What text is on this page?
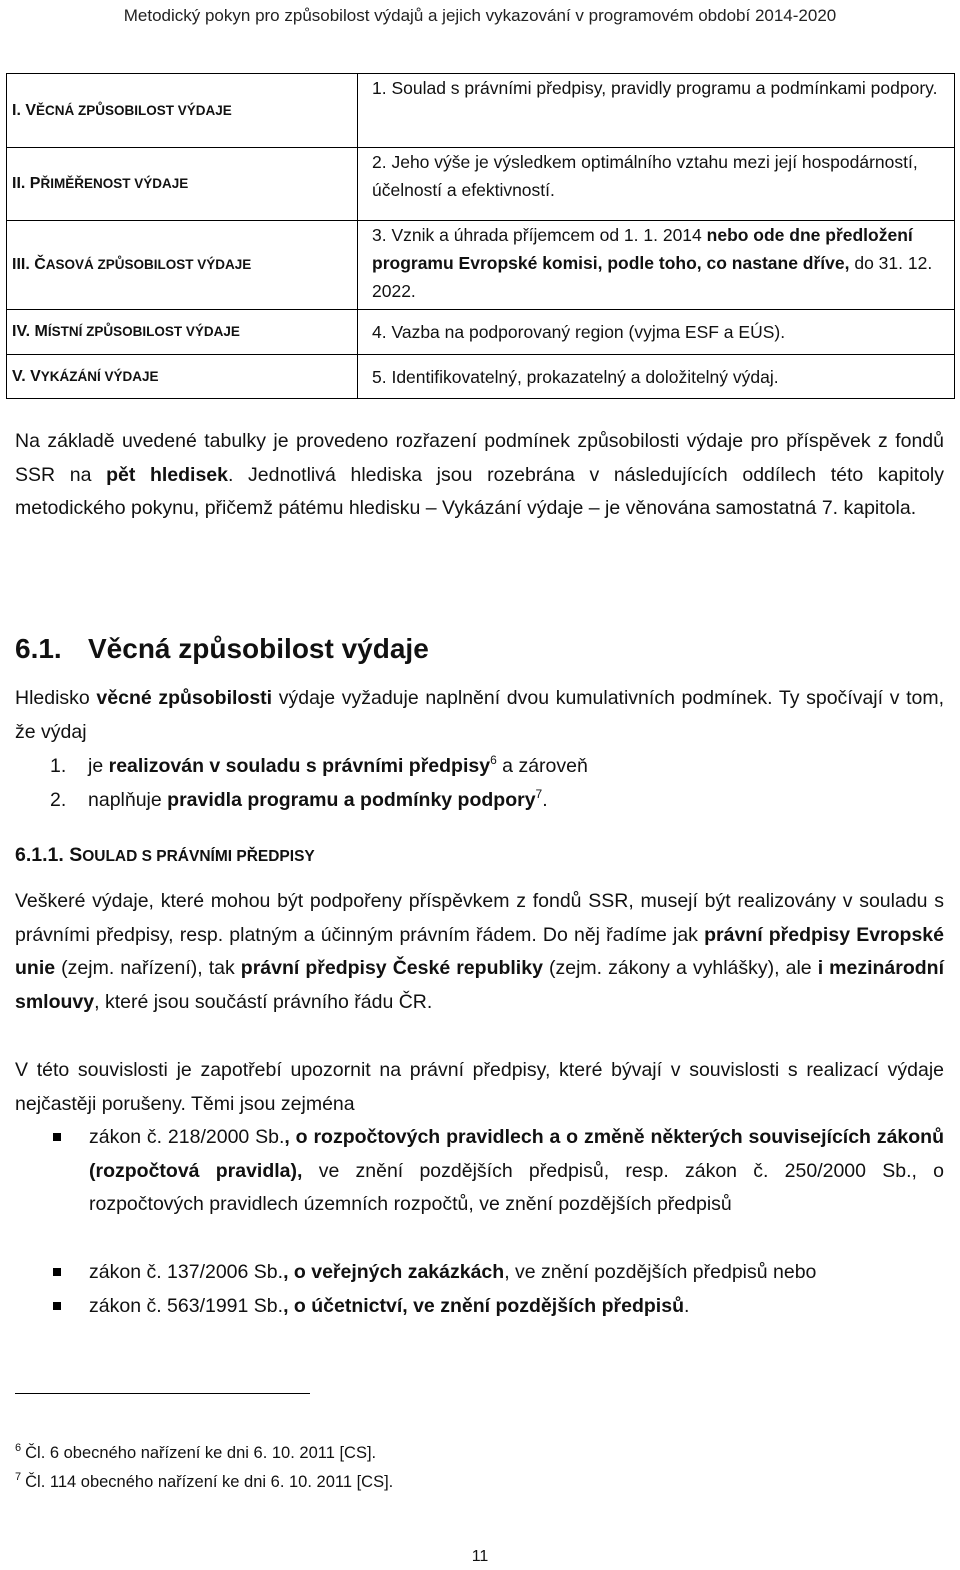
Metodický pokyn pro způsobilost výdajů a jejich vykazování v programovém období 2014-2020
I. VĚCNÁ ZPŮSOBILOST VÝDAJE	1. Soulad s právními předpisy, pravidly programu a podmínkami podpory.
II. PŘIMĚŘENOST VÝDAJE	2. Jeho výše je výsledkem optimálního vztahu mezi její hospodárností, účelností a efektivností.
III. ČASOVÁ ZPŮSOBILOST VÝDAJE	3. Vznik a úhrada příjemcem od 1. 1. 2014 nebo ode dne předložení programu Evropské komisi, podle toho, co nastane dříve, do 31. 12. 2022.
IV. MÍSTNÍ ZPŮSOBILOST VÝDAJE	4. Vazba na podporovaný region (vyjma ESF a EÚS).
V. VYKÁZÁNÍ VÝDAJE	5. Identifikovatelný, prokazatelný a doložitelný výdaj.

Na základě uvedené tabulky je provedeno rozřazení podmínek způsobilosti výdaje pro příspěvek z fondů SSR na pět hledisek. Jednotlivá hlediska jsou rozebrána v následujících oddílech této kapitoly metodického pokynu, přičemž pátému hledisku – Vykázání výdaje – je věnována samostatná 7. kapitola.

6.1. Věcná způsobilost výdaje

Hledisko věcné způsobilosti výdaje vyžaduje naplnění dvou kumulativních podmínek. Ty spočívají v tom, že výdaj

1. je realizován v souladu s právními předpisy$^6$ a zároveň
2. naplňuje pravidla programu a podmínky podpory$^7$.
6.1.1. SOULAD S PRÁVNÍMI PŘEDPISY

Veškeré výdaje, které mohou být podpořeny příspěvkem z fondů SSR, musejí být realizovány v souladu s právními předpisy, resp. platným a účinným právním řádem. Do něj řadíme jak právní předpisy Evropské unie (zejm. nařízení), tak právní předpisy České republiky (zejm. zákony a vyhlášky), ale i mezinárodní smlouvy, které jsou součástí právního řádu ČR.

V této souvislosti je zapotřebí upozornit na právní předpisy, které bývají v souvislosti s realizací výdaje nejčastěji porušeny. Těmi jsou zejména

zákon č. 218/2000 Sb., o rozpočtových pravidlech a o změně některých souvisejících zákonů (rozpočtová pravidla), ve znění pozdějších předpisů, resp. zákon č. 250/2000 Sb., o rozpočtových pravidlech územních rozpočtů, ve znění pozdějších předpisů
zákon č. 137/2006 Sb., o veřejných zakázkách, ve znění pozdějších předpisů nebo
zákon č. 563/1991 Sb., o účetnictví, ve znění pozdějších předpisů.
$^6$ Čl. 6 obecného nařízení ke dni 6. 10. 2011 [CS].
$^7$ Čl. 114 obecného nařízení ke dni 6. 10. 2011 [CS].
11
